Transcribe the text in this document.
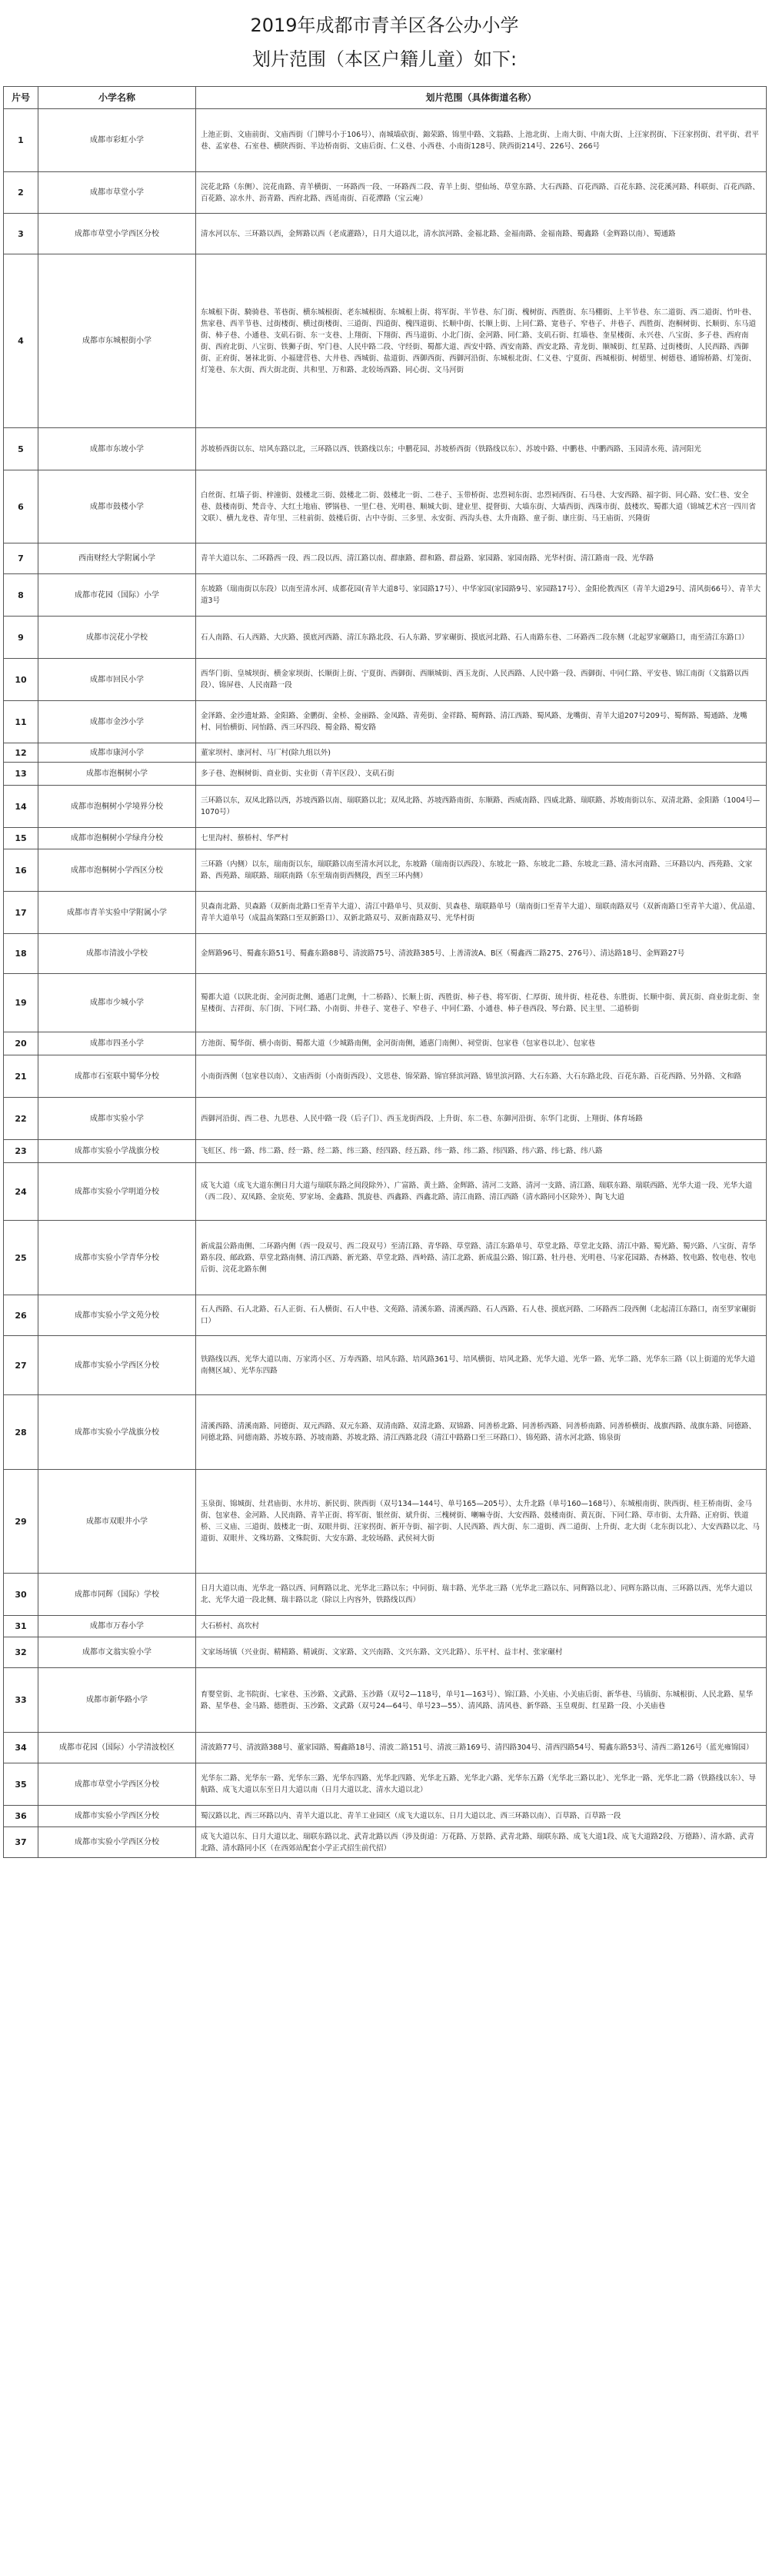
2019年成都市青羊区各公办小学
划片范围（本区户籍儿童）如下:
片号	小学名称	划片范围（具体街道名称）
1	成都市彩虹小学	上池正街、文庙前街、文庙西街（门牌号小于106号）、南城墙砍街、錦荣路、锦里中路、文翁路、上池北街、上南大街、中南大街、上汪家拐街、下汪家拐街、君平街、君平巷、孟家巷、石室巷、横陕西街、半边桥南街、文庙后街、仁义巷、小西巷、小南街128号、陕西街214号、226号、266号
2	成都市草堂小学	浣花北路（东侧）、浣花南路、青羊横街、一环路西一段、一环路西二段、青羊上街、望仙场、草堂东路、大石西路、百花西路、百花东路、浣花溪河路、科联街、百花西路、百花路、凉水井、沥青路、西府北路、西延南街、百花潭路（宝云庵）
3	成都市草堂小学西区分校	清水河以东、三环路以西，金辉路以西（老成灌路），日月大道以北，清水滨河路、金福北路、金福南路、金福南路、蜀鑫路（金辉路以南）、蜀通路
4	成都市东城根街小学	东城根下街、騎骑巷、苇巷街、横东城根街、老东城根街、东城根上街、将军街、半节巷、东门街、槐树街、西胜街、东马棚街、上半节巷、东二道街、西二道街、竹叶巷、焦家巷、西半节巷、过街楼街、横过街楼街、三道街、四道街、槐四道街、长顺中街、长顺上街、上同仁路、宽巷子、窄巷子、井巷子、西胜街、泡桐树街、长顺街、东马道街、柿子巷、小通巷、支矶石街、东一支巷、上翔街、下翔街、西马道街、小北门街、金河路、同仁路、支矶石街、红墙巷、奎星楼街、永兴巷、八宝街、多子巷、西府南街、西府北街、八宝街、铁狮子街、窄门巷、人民中路二段、守经街、蜀都大道、西安中路、西安南路、西安北路、青龙街、顺城街、红星路、过街楼街、人民西路、西御街、正府街、暑袜北街、小福建营巷、大井巷、西城街、盐道街、西御西街、西御河沿街、东城根北街、仁义巷、宁夏街、西城根街、树德里、树德巷、通锦桥路、灯笼街、灯笼巷、东大街、西大街北街、共和里、万和路、北较场西路、同心街、文马河街
5	成都市东坡小学	苏坡桥西街以东、培风东路以北，三环路以西、铁路线以东；中鹏花园、苏坡桥西街（铁路线以东）、苏坡中路、中鹏巷、中鹏西路、玉园清水苑、清河阳光
6	成都市鼓楼小学	白丝街、红墙子街、梓潼街、鼓楼北三街、鼓楼北二街、鼓楼北一街、二巷子、玉带桥街、忠烈祠东街、忠烈祠西街、石马巷、大安西路、福字街、同心路、安仁巷、安全巷、鼓楼南街、梵音寺、大红土地庙、锣锅巷、一里仁巷、光明巷、顺城大街、建业里、提督街、大墙东街、大墙西街、西珠市街、鼓楼坎、蜀都大道（锦城艺术宫一四川省文联）、横九龙巷、青年里、三桂前街、鼓楼后街、古中寺街、三多里、永安街、西沟头巷、太升南路、童子街、康庄街、马王庙街、兴隆街
7	西南财经大学附属小学	青羊大道以东、二环路西一段、西二段以西、清江路以南、群康路、群和路、群益路、家园路、家园南路、光华村街、清江路南一段、光华路
8	成都市花园（国际）小学	东坡路（瑞南街以东段）以南至清水河、成都花园(青羊大道8号、家园路17号）、中华家园(家园路9号、家园路17号）、金阳伦教西区（青羊大道29号、清风街66号）、青羊大道3号
9	成都市浣花小学校	石人南路、石人西路、大庆路、摸底河西路、清江东路北段、石人东路、罗家碾街、摸底河北路、石人南路东巷、二环路西二段东侧（北起罗家碾路口，南至清江东路口）
10	成都市回民小学	西华门街、皇城坝街、横金家坝街、长顺街上街、宁夏街、西御街、西顺城街、西玉龙街、人民西路、人民中路一段、西御街、中同仁路、平安巷、锦江南街（文翁路以西段）、锦屏巷、人民南路一段
11	成都市金沙小学	金泽路、金沙遗址路、金阳路、金鹏街、金桥、金丽路、金凤路、青苑街、金祥路、蜀辉路、清江西路、蜀风路、龙嘴街、青羊大道207号209号、蜀辉路、蜀通路、龙嘴村、同怡横街、同怡路、西三环四段、蜀金路、蜀安路
12	成都市康河小学	董家坝村、康河村、马厂村(除九组以外)
13	成都市泡桐树小学	多子巷、泡桐树街、商业街、实业街（青羊区段）、支矶石街
14	成都市泡桐树小学境界分校	三环路以东，双凤北路以西，苏坡西路以南、瑞联路以北；双凤北路、苏坡西路南街、东顺路、西威南路、四威北路、瑞联路、苏坡南街以东、双清北路、金阳路（1004号—1070号）
15	成都市泡桐树小学绿舟分校	七里沟村、蔡桥村、华严村
16	成都市泡桐树小学西区分校	三环路（内侧）以东，瑞南街以东，瑞联路以南至清水河以北，东坡路（瑞南街以西段）、东坡北一路、东坡北二路、东坡北三路、清水河南路、三环路以内、西苑路、文家路、西苑路、瑞联路、瑞联南路（东至瑞南街西侧段，西至三环内侧）
17	成都市青羊实验中学附属小学	贝森南北路、贝森路（双新南北路口至青羊大道）、清江中路单号、贝双街、贝森巷、瑞联路单号（瑞南街口至青羊大道）、瑞联南路双号（双新南路口至青羊大道）、优品道、青羊大道单号（成温高架路口至双新路口）、双新北路双号、双新南路双号、光华村街
18	成都市清波小学校	金辉路96号、蜀鑫东路51号、蜀鑫东路88号、清波路75号、清波路385号、上善清波A、B区（蜀鑫西二路275、276号）、清达路18号、金辉路27号
19	成都市少城小学	蜀都大道（以陕北街、金河街北侧、通惠门北侧，十二桥路）、长顺上街、西胜街、柿子巷、将军街、仁厚街、琉井街、桂花巷、东胜街、长顺中街、黄瓦街、商业街北街、奎星楼街、吉祥街、东门街、下同仁路、小南街、井巷子、宽巷子、窄巷子、中同仁路、小通巷、柿子巷西段、琴台路、民主里、二道桥街
20	成都市四圣小学	方池街、蜀华街、横小南街、蜀都大道（少城路南侧，金河街南侧，通惠门南侧）、祠堂街、包家巷（包家巷以北）、包家巷
21	成都市石室联中蜀华分校	小南街西侧（包家巷以南）、文庙西街（小南街西段）、文思巷、锦荣路、锦官驿滨河路、锦里滨河路、大石东路、大石东路北段、百花东路、百花西路、另外路、文和路
22	成都市实验小学	西御河沿街、西二巷、九思巷、人民中路一段（后子门）、西玉龙街西段、上升街、东二巷、东御河沿街、东华门北街、上翔街、体育场路
23	成都市实验小学战旗分校	飞虹区、纬一路、纬二路、经一路、经二路、纬三路、经四路、经五路、纬一路、纬二路、纬四路、纬六路、纬七路、纬八路
24	成都市实验小学明道分校	成飞大道（成飞大道东侧日月大道与瑞联东路之间段除外）、广富路、黄土路、金辉路、清河二支路、清河一支路、清江路、瑞联东路、瑞联西路、光华大道一段、光华大道（西二段）、双凤路、金宸苑、罗家场、金鑫路、凯旋巷、西鑫路、西鑫北路、清江南路、清江西路（清水路同小区除外）、陶飞大道
25	成都市实验小学青华分校	新成温公路南侧、二环路内侧（西一段双号、西二段双号）至清江路、青华路、草堂路、清江东路单号、草堂北路、草堂北支路、清江中路、蜀光路、蜀兴路、八宝街、青华路东段、邮政路、草堂北路南侧、清江西路、新光路、草堂北路、西岭路、清江北路、新成温公路、锦江路、牡丹巷、光明巷、马家花园路、杏林路、牧电路、牧电巷、牧电后街、浣花北路东侧
26	成都市实验小学文苑分校	石人西路、石人北路、石人正街、石人横街、石人中巷、文苑路、清溪东路、清溪西路、石人西路、石人巷、摸底河路、二环路西二段西侧（北起清江东路口，南至罗家碾街口）
27	成都市实验小学西区分校	铁路线以西、光华大道以南、万家湾小区、万寿西路、培风东路、培风路361号、培风横街、培风北路、光华大道、光华一路、光华二路、光华东三路（以上街道的光华大道南侧区域）、光华东四路
28	成都市实验小学战旗分校	清溪西路、清溪南路、同德街、双元西路、双元东路、双清南路、双清北路、双锦路、同善桥北路、同善桥西路、同善桥南路、同善桥横街、战旗西路、战旗东路、同德路、同德北路、同德南路、苏坡东路、苏坡南路、苏坡北路、清江西路北段（清江中路路口至三环路口）、锦苑路、清水河北路、锦泉街
29	成都市双眼井小学	玉泉街、锦城街、灶君庙街、水井坊、新民街、陕西街（双号134—144号、单号165—205号）、太升北路（单号160—168号）、东城根南街、陕西街、桂王桥南街、金马街、包家巷、金河路、人民南路、青羊正街、将军街、银丝街、斌升街、三槐树街、喇嘛寺街、大安西路、鼓楼南街、黄瓦街、下同仁路、草市街、太升路、正府街、铁道桥、三义庙、三道街、鼓楼北一街、双眼井街、汪家拐街、新开寺街、福字街、人民西路、西大街、东二道街、西二道街、上升街、北大街（北东街以北）、大安西路以北、马道街、双眼井、文殊坊路、文殊院街、大安东路、北较场路、武侯祠大街
30	成都市同辉（国际）学校	日月大道以南、光华北一路以西、同辉路以北、光华北三路以东；中同街、瑞丰路、光华北三路（光华北三路以东、同辉路以北）、同辉东路以南、三环路以西、光华大道以北、光华大道一段北侧、瑞丰路以北（除以上内容外，铁路线以西）
31	成都市万春小学	大石桥村、高坎村
32	成都市文翁实验小学	文家场场镇（兴业街、精精路、精诚街、文家路、文兴南路、文兴东路、文兴北路）、乐平村、益丰村、张家碾村
33	成都市新华路小学	育婴堂街、北书院街、七家巷、玉沙路、文武路、玉沙路（双号2—118号，单号1—163号）、锦江路、小关庙、小关庙后街、新华巷、马镇街、东城根街、人民北路、星华路、星华巷、金马路、德胜街、玉沙路、文武路（双号24—64号、单号23—55）、清风路、清风巷、新华路、玉皇观街、红星路一段、小关庙巷
34	成都市花园（国际）小学清波校区	清波路77号、清波路388号、董家园路、蜀鑫路18号、清波二路151号、清波三路169号、清四路304号、清西四路54号、蜀鑫东路53号、清西二路126号（蓝光雍锦园）
35	成都市草堂小学西区分校	光华东二路、光华东一路、光华东三路、光华东四路、光华北四路、光华北五路、光华北六路、光华东五路（光华北三路以北）、光华北一路、光华北二路（铁路线以东）、导航路、成飞大道以东至日月大道以南（日月大道以北、清水大道以北）
36	成都市实验小学西区分校	蜀汉路以北、西三环路以内、青羊大道以北、青羊工业园区（成飞大道以东、日月大道以北、西三环路以南）、百草路、百草路一段
37	成都市实验小学西区分校	成飞大道以东、日月大道以北、瑞联东路以北、武青北路以西（涉及街道：万花路、万景路、武青北路、瑞联东路、成飞大道1段、成飞大道路2段、万德路）、清水路、武青北路、清水路同小区（在西郊站配套小学正式招生前代招）
